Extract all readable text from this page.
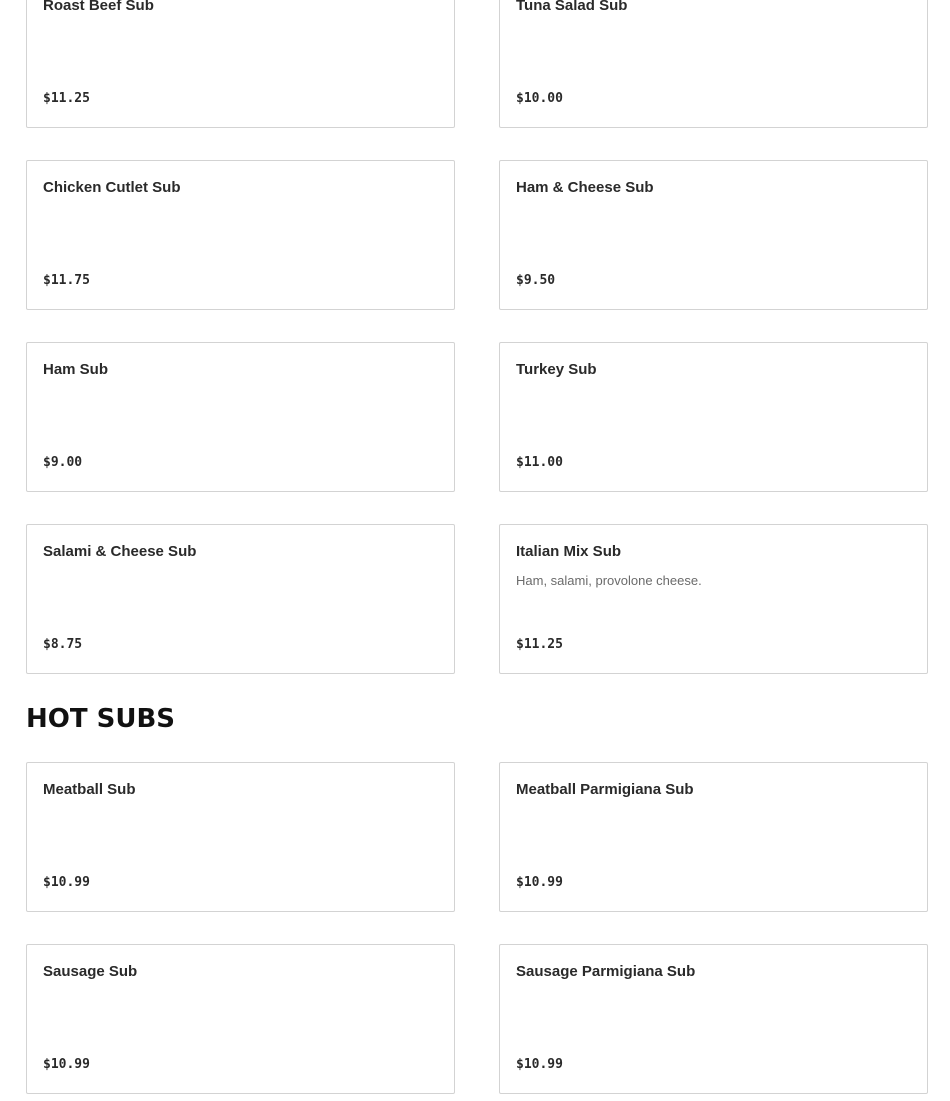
Roast Beef Sub
$11.25
Tuna Salad Sub
$10.00
Chicken Cutlet Sub
$11.75
Ham & Cheese Sub
$9.50
Ham Sub
$9.00
Turkey Sub
$11.00
Salami & Cheese Sub
$8.75
Italian Mix Sub
Ham, salami, provolone cheese.
$11.25
HOT SUBS
Meatball Sub
$10.99
Meatball Parmigiana Sub
$10.99
Sausage Sub
$10.99
Sausage Parmigiana Sub
$10.99
